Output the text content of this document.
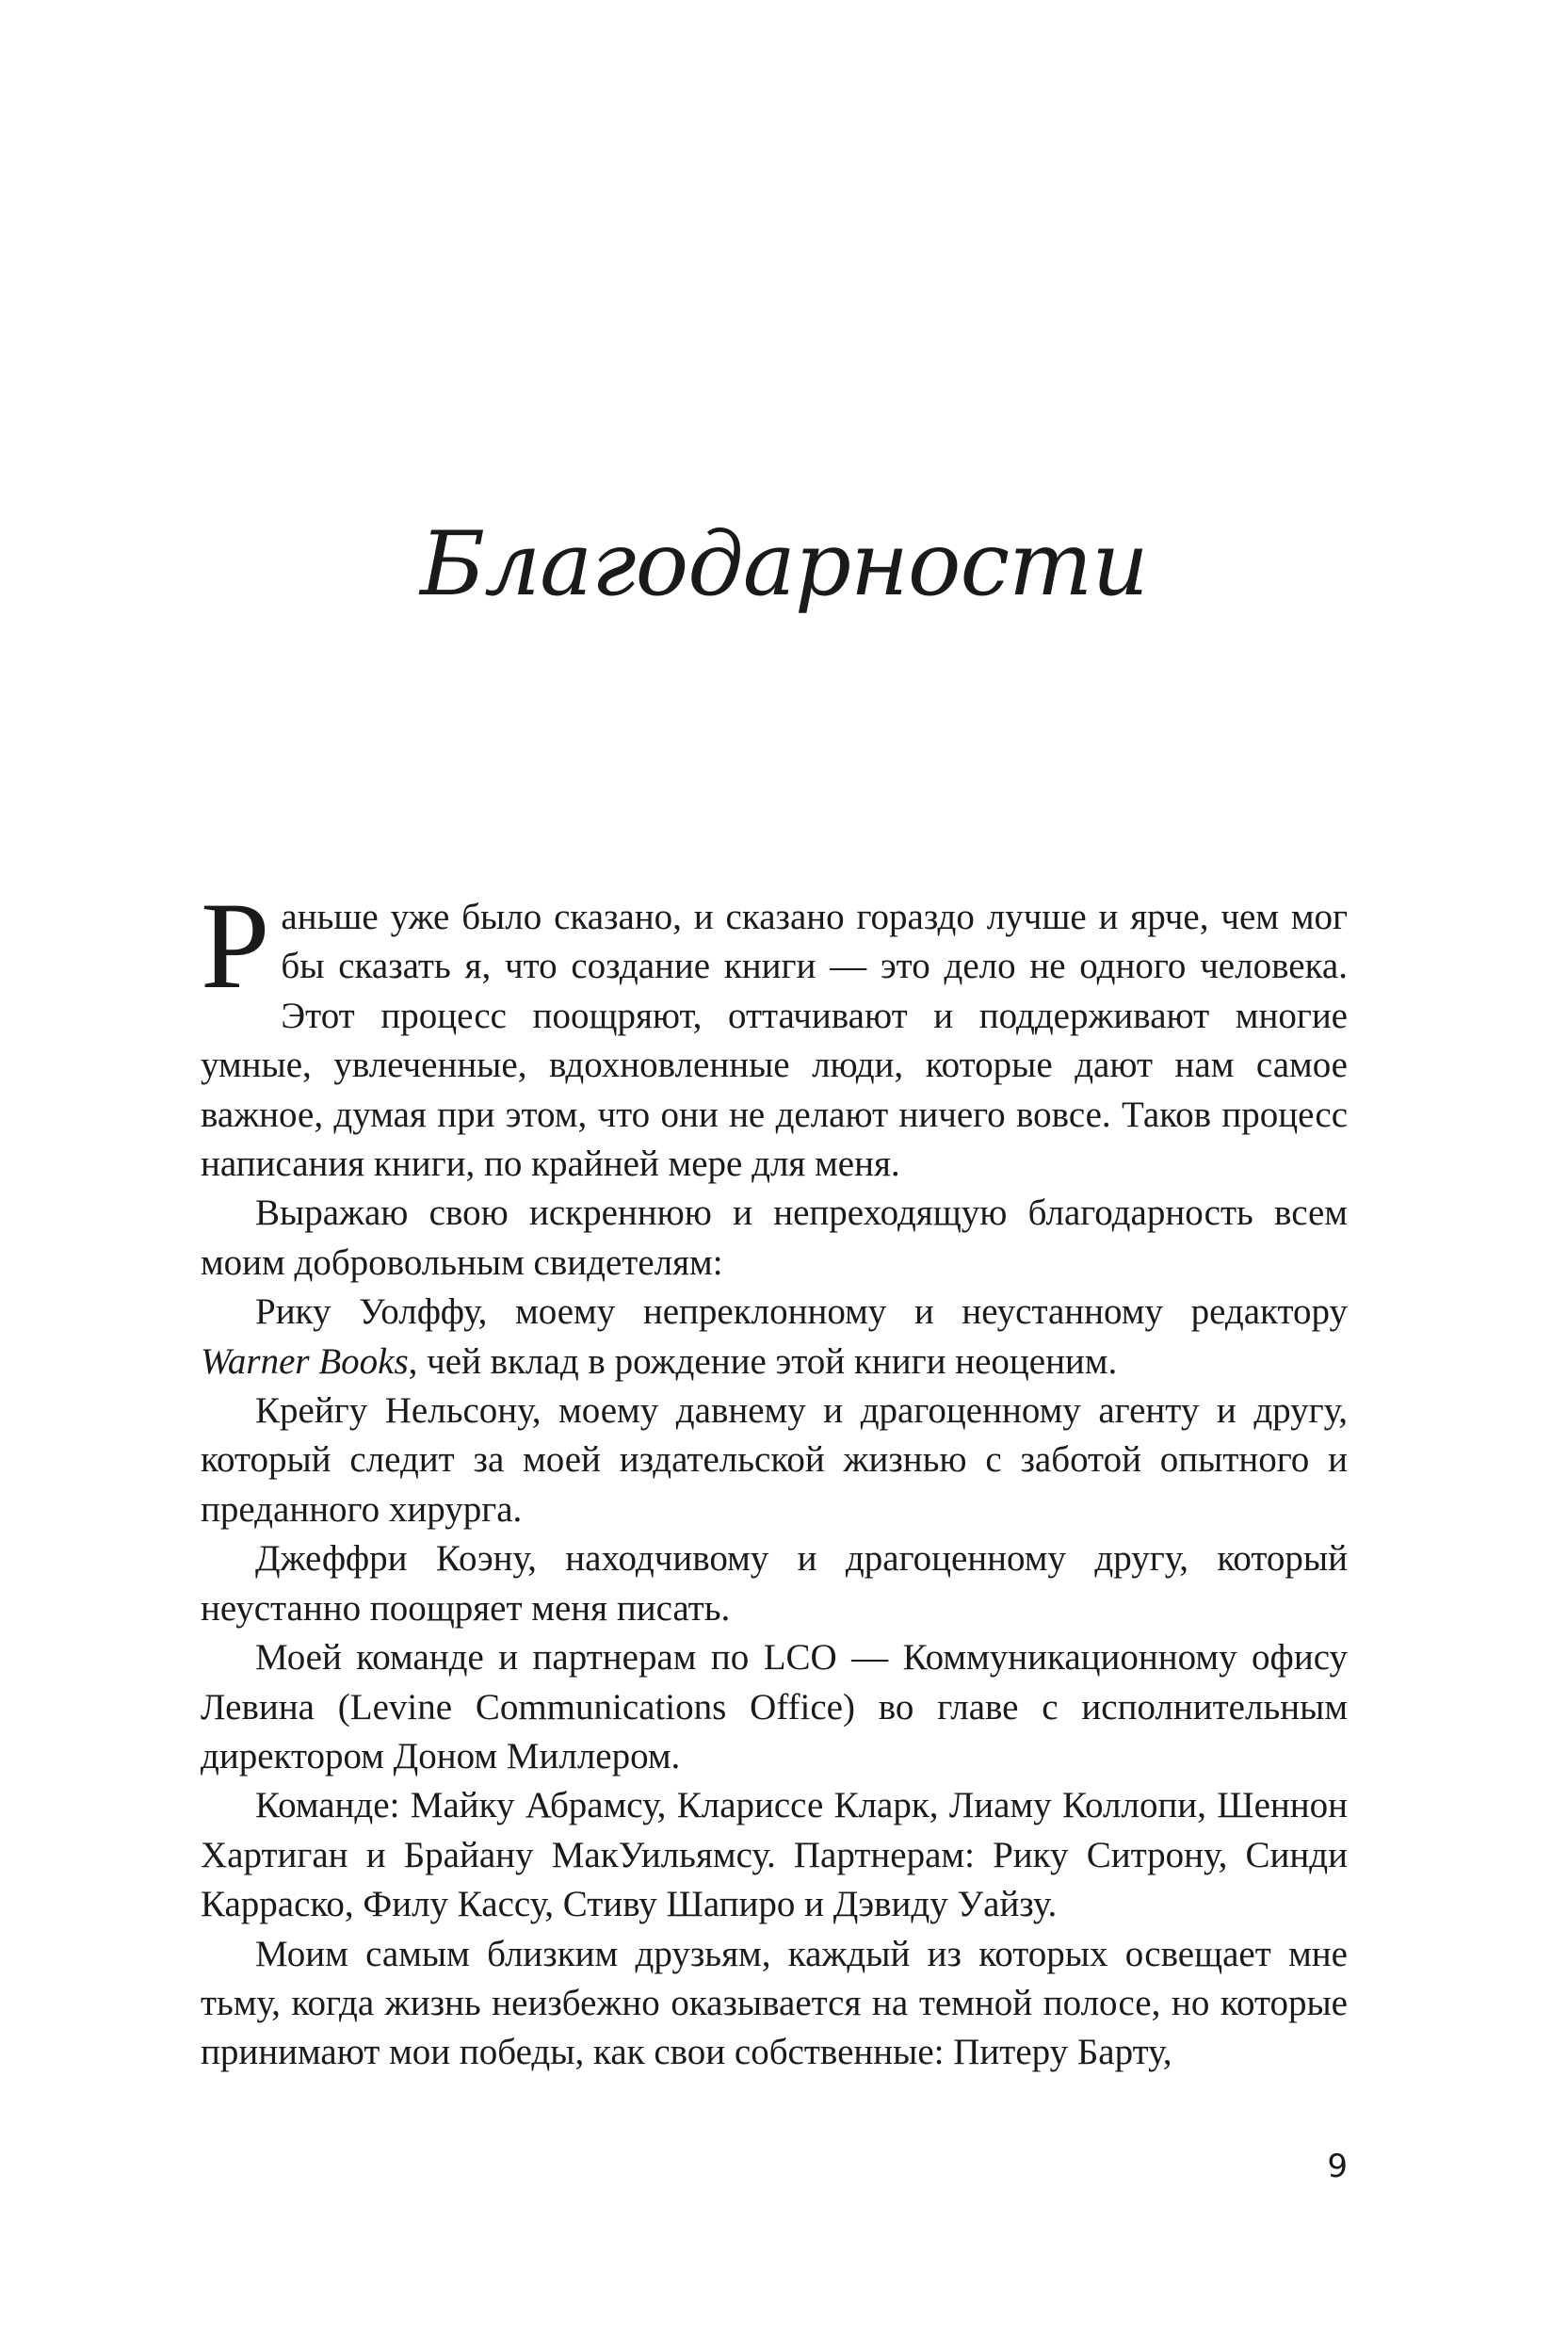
Благодарности

Раньше уже было сказано, и сказано гораздо лучше и ярче, чем мог бы сказать я, что создание книги — это дело не одного человека. Этот процесс поощряют, оттачивают и поддерживают многие умные, увлеченные, вдохновленные люди, которые дают нам самое важное, думая при этом, что они не делают ничего вовсе. Таков процесс написания книги, по крайней мере для меня.

Выражаю свою искреннюю и непреходящую благодарность всем моим добровольным свидетелям:

Рику Уолффу, моему непреклонному и неустанному редактору Warner Books, чей вклад в рождение этой книги неоценим.

Крейгу Нельсону, моему давнему и драгоценному агенту и другу, который следит за моей издательской жизнью с заботой опытного и преданного хирурга.

Джеффри Коэну, находчивому и драгоценному другу, который неустанно поощряет меня писать.

Моей команде и партнерам по LCO — Коммуникационному офису Левина (Levine Communications Office) во главе с исполнительным директором Доном Миллером.

Команде: Майку Абрамсу, Клариссе Кларк, Лиаму Коллопи, Шеннон Хартиган и Брайану МакУильямсу. Партнерам: Рику Ситрону, Синди Карраско, Филу Кассу, Стиву Шапиро и Дэвиду Уайзу.

Моим самым близким друзьям, каждый из которых освещает мне тьму, когда жизнь неизбежно оказывается на темной полосе, но которые принимают мои победы, как свои собственные: Питеру Барту,

9
